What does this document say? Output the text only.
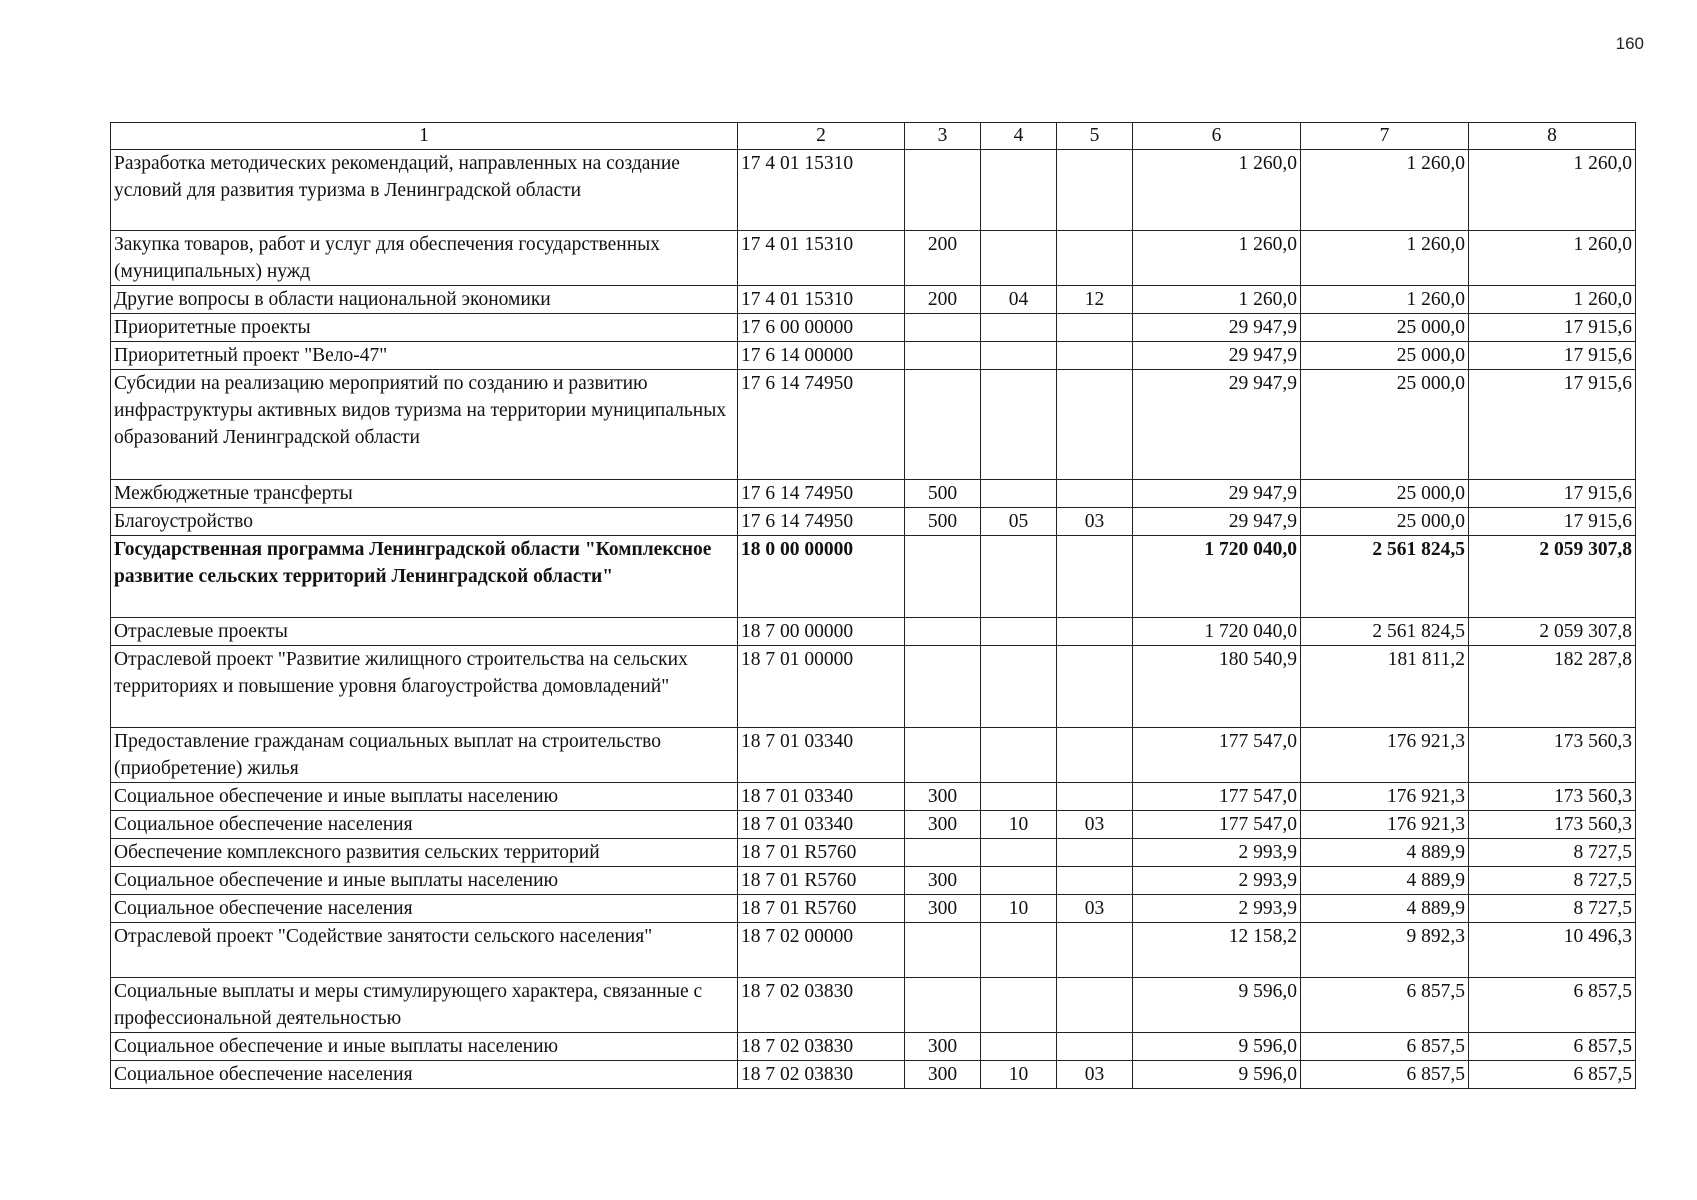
160
1	2	3	4	5	6	7	8
Разработка методических рекомендаций, направленных на создание условий для развития туризма в Ленинградской области	17 4 01 15310				1 260,0	1 260,0	1 260,0
Закупка товаров, работ и услуг для обеспечения государственных (муниципальных) нужд	17 4 01 15310	200			1 260,0	1 260,0	1 260,0
Другие вопросы в области национальной экономики	17 4 01 15310	200	04	12	1 260,0	1 260,0	1 260,0
Приоритетные проекты	17 6 00 00000				29 947,9	25 000,0	17 915,6
Приоритетный проект "Вело-47"	17 6 14 00000				29 947,9	25 000,0	17 915,6
Субсидии на реализацию мероприятий по созданию и развитию инфраструктуры активных видов туризма на территории муниципальных образований Ленинградской области	17 6 14 74950				29 947,9	25 000,0	17 915,6
Межбюджетные трансферты	17 6 14 74950	500			29 947,9	25 000,0	17 915,6
Благоустройство	17 6 14 74950	500	05	03	29 947,9	25 000,0	17 915,6
Государственная программа Ленинградской области "Комплексное развитие сельских территорий Ленинградской области"	18 0 00 00000				1 720 040,0	2 561 824,5	2 059 307,8
Отраслевые проекты	18 7 00 00000				1 720 040,0	2 561 824,5	2 059 307,8
Отраслевой проект "Развитие жилищного строительства на сельских территориях и повышение уровня благоустройства домовладений"	18 7 01 00000				180 540,9	181 811,2	182 287,8
Предоставление гражданам социальных выплат на строительство (приобретение) жилья	18 7 01 03340				177 547,0	176 921,3	173 560,3
Социальное обеспечение и иные выплаты населению	18 7 01 03340	300			177 547,0	176 921,3	173 560,3
Социальное обеспечение населения	18 7 01 03340	300	10	03	177 547,0	176 921,3	173 560,3
Обеспечение комплексного развития сельских территорий	18 7 01 R5760				2 993,9	4 889,9	8 727,5
Социальное обеспечение и иные выплаты населению	18 7 01 R5760	300			2 993,9	4 889,9	8 727,5
Социальное обеспечение населения	18 7 01 R5760	300	10	03	2 993,9	4 889,9	8 727,5
Отраслевой проект "Содействие занятости сельского населения"	18 7 02 00000				12 158,2	9 892,3	10 496,3
Социальные выплаты и меры стимулирующего характера, связанные с профессиональной деятельностью	18 7 02 03830				9 596,0	6 857,5	6 857,5
Социальное обеспечение и иные выплаты населению	18 7 02 03830	300			9 596,0	6 857,5	6 857,5
Социальное обеспечение населения	18 7 02 03830	300	10	03	9 596,0	6 857,5	6 857,5
